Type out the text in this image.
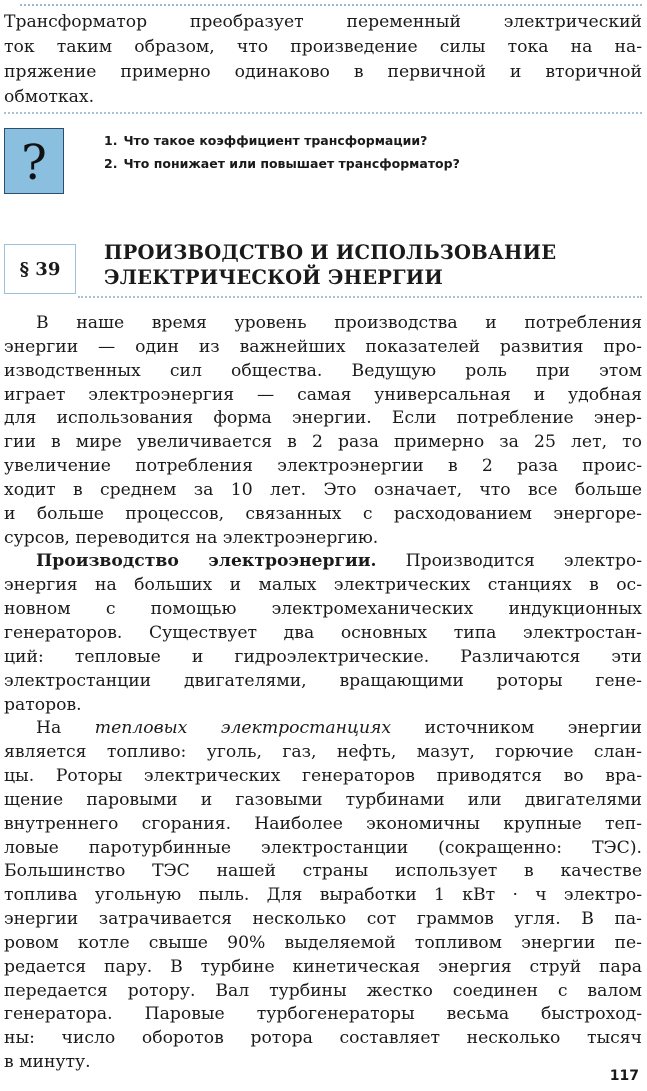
Трансформатор преобразует переменный электрический
ток таким образом, что произведение силы тока на на-
пряжение примерно одинаково в первичной и вторичной
обмотках.
?	1. Что такое коэффициент трансформации?
2. Что понижает или повышает трансформатор?
§ 39
ПРОИЗВОДСТВО И ИСПОЛЬЗОВАНИЕ
ЭЛЕКТРИЧЕСКОЙ ЭНЕРГИИ
В наше время уровень производства и потребления
энергии — один из важнейших показателей развития про-
изводственных сил общества. Ведущую роль при этом
играет электроэнергия — самая универсальная и удобная
для использования форма энергии. Если потребление энер-
гии в мире увеличивается в 2 раза примерно за 25 лет, то
увеличение потребления электроэнергии в 2 раза проис-
ходит в среднем за 10 лет. Это означает, что все больше
и больше процессов, связанных с расходованием энергоре-
сурсов, переводится на электроэнергию.
Производство электроэнергии. Производится электро-
энергия на больших и малых электрических станциях в ос-
новном с помощью электромеханических индукционных
генераторов. Существует два основных типа электростан-
ций: тепловые и гидроэлектрические. Различаются эти
электростанции двигателями, вращающими роторы гене-
раторов.
На тепловых электростанциях источником энергии
является топливо: уголь, газ, нефть, мазут, горючие слан-
цы. Роторы электрических генераторов приводятся во вра-
щение паровыми и газовыми турбинами или двигателями
внутреннего сгорания. Наиболее экономичны крупные теп-
ловые паротурбинные электростанции (сокращенно: ТЭС).
Большинство ТЭС нашей страны использует в качестве
топлива угольную пыль. Для выработки 1 кВт · ч электро-
энергии затрачивается несколько сот граммов угля. В па-
ровом котле свыше 90% выделяемой топливом энергии пе-
редается пару. В турбине кинетическая энергия струй пара
передается ротору. Вал турбины жестко соединен с валом
генератора. Паровые турбогенераторы весьма быстроход-
ны: число оборотов ротора составляет несколько тысяч
в минуту.
117
